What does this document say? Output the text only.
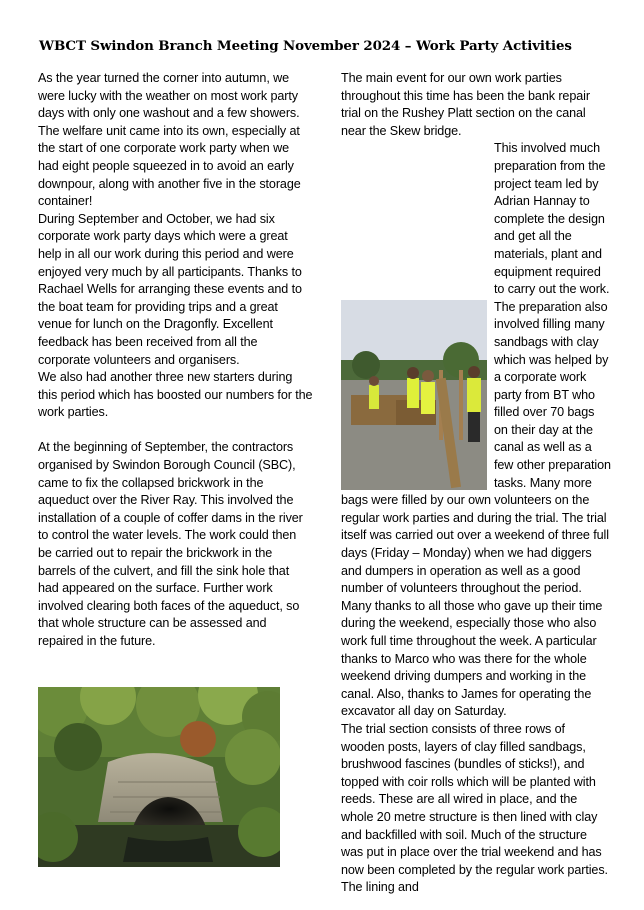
WBCT Swindon Branch Meeting November 2024 – Work Party Activities

As the year turned the corner into autumn, we were lucky with the weather on most work party days with only one washout and a few showers. The welfare unit came into its own, especially at the start of one corporate work party when we had eight people squeezed in to avoid an early downpour, along with another five in the storage container!

During September and October, we had six corporate work party days which were a great help in all our work during this period and were enjoyed very much by all participants. Thanks to Rachael Wells for arranging these events and to the boat team for providing trips and a great venue for lunch on the Dragonfly. Excellent feedback has been received from all the corporate volunteers and organisers.

We also had another three new starters during this period which has boosted our numbers for the work parties.

At the beginning of September, the contractors organised by Swindon Borough Council (SBC), came to fix the collapsed brickwork in the aqueduct over the River Ray. This involved the installation of a couple of coffer dams in the river to control the water levels. The work could then be carried out to repair the brickwork in the barrels of the culvert, and fill the sink hole that had appeared on the surface. Further work involved clearing both faces of the aqueduct, so that whole structure can be assessed and repaired in the future.

The main event for our own work parties throughout this time has been the bank repair trial on the Rushey Platt section on the canal near the Skew bridge.

This involved much preparation from the project team led by Adrian Hannay to complete the design and get all the materials, plant and equipment required to carry out the work. The preparation also involved filling many sandbags with clay which was helped by a corporate work party from BT who filled over 70 bags on their day at the canal as well as a few other preparation tasks. Many more bags were filled by our own volunteers on the regular work parties and during the trial. The trial itself was carried out over a weekend of three full days (Friday – Monday) when we had diggers and dumpers in operation as well as a good number of volunteers throughout the period. Many thanks to all those who gave up their time during the weekend, especially those who also work full time throughout the week. A particular thanks to Marco who was there for the whole weekend driving dumpers and working in the canal. Also, thanks to James for operating the excavator all day on Saturday.

The trial section consists of three rows of wooden posts, layers of clay filled sandbags, brushwood fascines (bundles of sticks!), and topped with coir rolls which will be planted with reeds. These are all wired in place, and the whole 20 metre structure is then lined with clay and backfilled with soil. Much of the structure was put in place over the trial weekend and has now been completed by the regular work parties. The lining and
